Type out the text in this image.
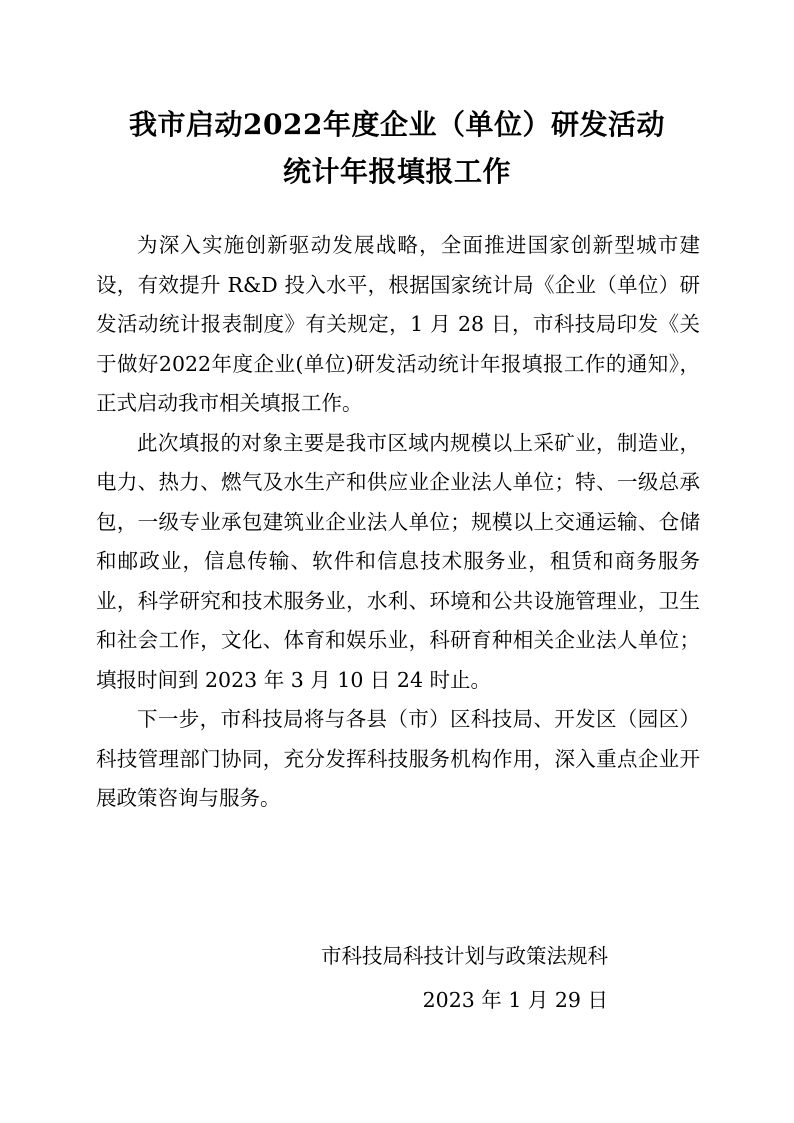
我市启动2022年度企业（单位）研发活动
统计年报填报工作

为深入实施创新驱动发展战略，全面推进国家创新型城市建设，有效提升 R&D 投入水平，根据国家统计局《企业（单位）研发活动统计报表制度》有关规定，1 月 28 日，市科技局印发《关于做好2022年度企业(单位)研发活动统计年报填报工作的通知》，正式启动我市相关填报工作。

此次填报的对象主要是我市区域内规模以上采矿业，制造业，电力、热力、燃气及水生产和供应业企业法人单位；特、一级总承包，一级专业承包建筑业企业法人单位；规模以上交通运输、仓储和邮政业，信息传输、软件和信息技术服务业，租赁和商务服务业，科学研究和技术服务业，水利、环境和公共设施管理业，卫生和社会工作，文化、体育和娱乐业，科研育种相关企业法人单位；填报时间到 2023 年 3 月 10 日 24 时止。

下一步，市科技局将与各县（市）区科技局、开发区（园区）科技管理部门协同，充分发挥科技服务机构作用，深入重点企业开展政策咨询与服务。

市科技局科技计划与政策法规科
2023 年 1 月 29 日
